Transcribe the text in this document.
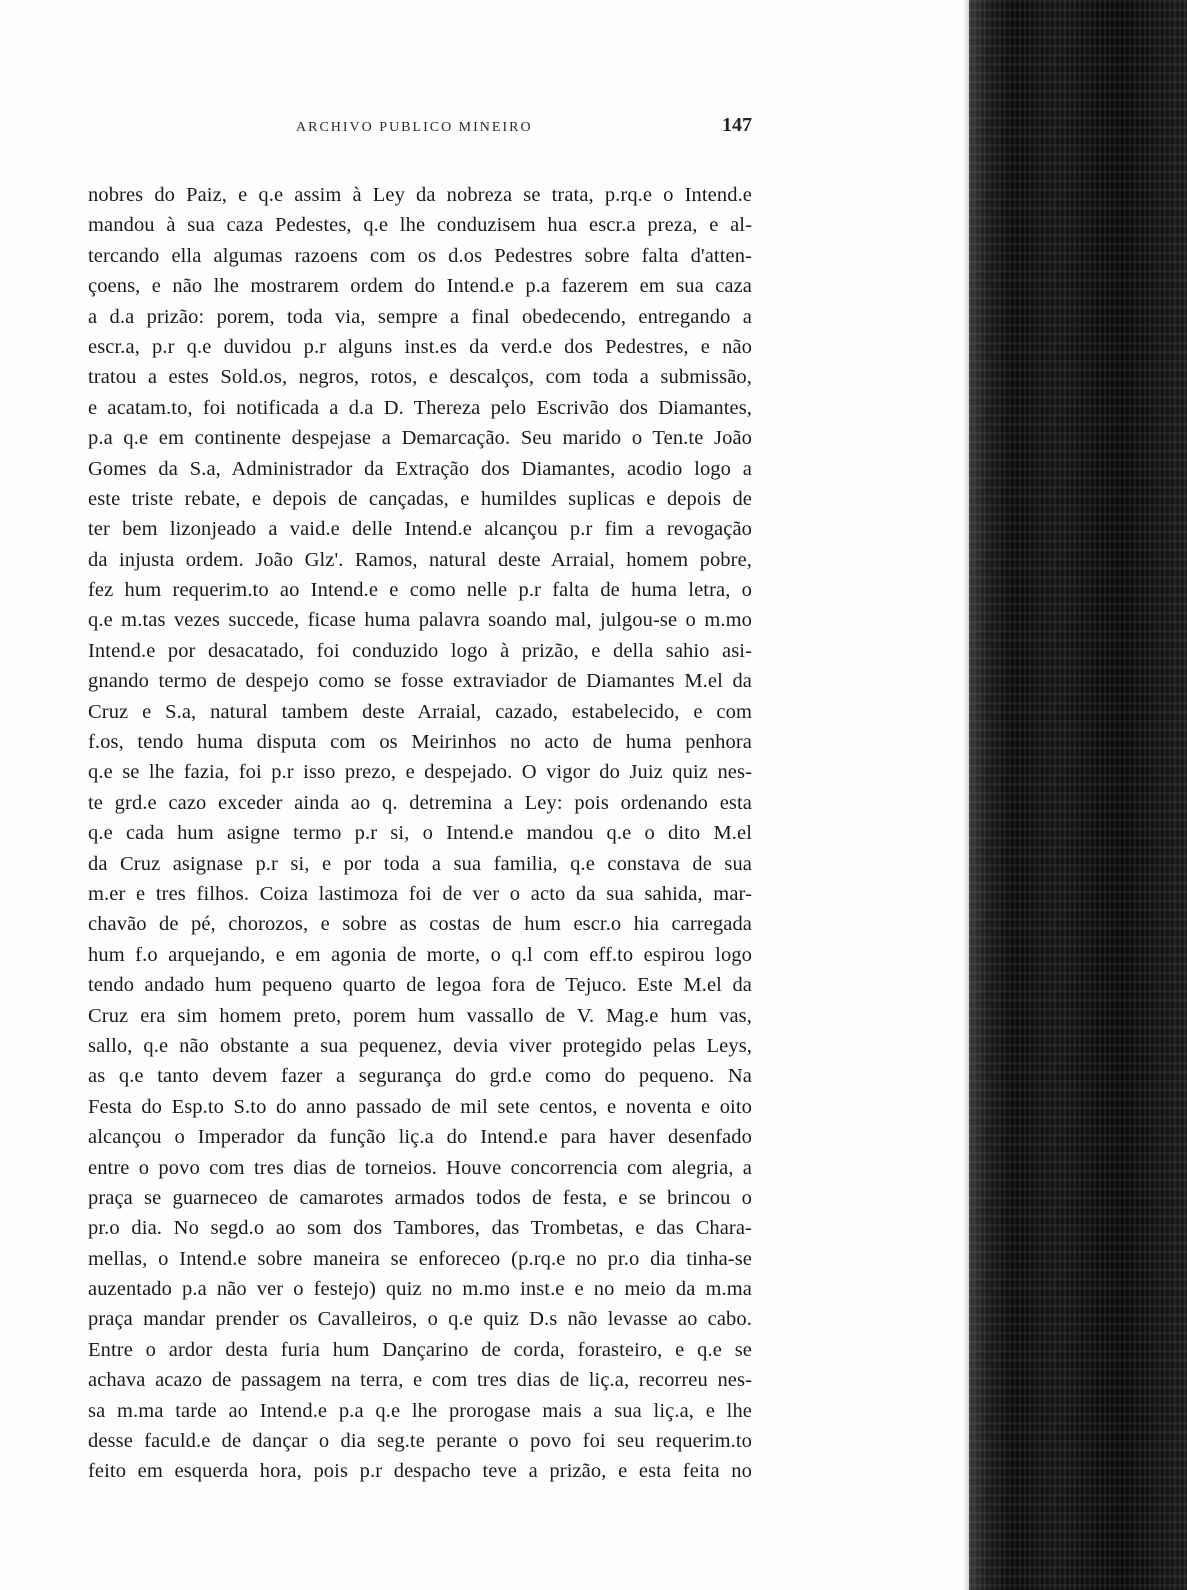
ARCHIVO PUBLICO MINEIRO	147
nobres do Paiz, e q.e assim à Ley da nobreza se trata, p.rq.e o Intend.e
mandou à sua caza Pedestes, q.e lhe conduzisem hua escr.a preza, e al-
tercando ella algumas razoens com os d.os Pedestres sobre falta d'atten-
çoens, e não lhe mostrarem ordem do Intend.e p.a fazerem em sua caza
a d.a prizão: porem, toda via, sempre a final obedecendo, entregando a
escr.a, p.r q.e duvidou p.r alguns inst.es da verd.e dos Pedestres, e não
tratou a estes Sold.os, negros, rotos, e descalços, com toda a submissão,
e acatam.to, foi notificada a d.a D. Thereza pelo Escrivão dos Diamantes,
p.a q.e em continente despejase a Demarcação. Seu marido o Ten.te João
Gomes da S.a, Administrador da Extração dos Diamantes, acodio logo a
este triste rebate, e depois de cançadas, e humildes suplicas e depois de
ter bem lizonjeado a vaid.e delle Intend.e alcançou p.r fim a revogação
da injusta ordem. João Glz'. Ramos, natural deste Arraial, homem pobre,
fez hum requerim.to ao Intend.e e como nelle p.r falta de huma letra, o
q.e m.tas vezes succede, ficase huma palavra soando mal, julgou-se o m.mo
Intend.e por desacatado, foi conduzido logo à prizão, e della sahio asi-
gnando termo de despejo como se fosse extraviador de Diamantes M.el da
Cruz e S.a, natural tambem deste Arraial, cazado, estabelecido, e com
f.os, tendo huma disputa com os Meirinhos no acto de huma penhora
q.e se lhe fazia, foi p.r isso prezo, e despejado. O vigor do Juiz quiz nes-
te grd.e cazo exceder ainda ao q. detremina a Ley: pois ordenando esta
q.e cada hum asigne termo p.r si, o Intend.e mandou q.e o dito M.el
da Cruz asignase p.r si, e por toda a sua familia, q.e constava de sua
m.er e tres filhos. Coiza lastimoza foi de ver o acto da sua sahida, mar-
chavão de pé, chorozos, e sobre as costas de hum escr.o hia carregada
hum f.o arquejando, e em agonia de morte, o q.l com eff.to espirou logo
tendo andado hum pequeno quarto de legoa fora de Tejuco. Este M.el da
Cruz era sim homem preto, porem hum vassallo de V. Mag.e hum vas,
sallo, q.e não obstante a sua pequenez, devia viver protegido pelas Leys,
as q.e tanto devem fazer a segurança do grd.e como do pequeno. Na
Festa do Esp.to S.to do anno passado de mil sete centos, e noventa e oito
alcançou o Imperador da função liç.a do Intend.e para haver desenfado
entre o povo com tres dias de torneios. Houve concorrencia com alegria, a
praça se guarneceo de camarotes armados todos de festa, e se brincou o
pr.o dia. No segd.o ao som dos Tambores, das Trombetas, e das Chara-
mellas, o Intend.e sobre maneira se enforeceo (p.rq.e no pr.o dia tinha-se
auzentado p.a não ver o festejo) quiz no m.mo inst.e e no meio da m.ma
praça mandar prender os Cavalleiros, o q.e quiz D.s não levasse ao cabo.
Entre o ardor desta furia hum Dançarino de corda, forasteiro, e q.e se
achava acazo de passagem na terra, e com tres dias de liç.a, recorreu nes-
sa m.ma tarde ao Intend.e p.a q.e lhe prorogase mais a sua liç.a, e lhe
desse faculd.e de dançar o dia seg.te perante o povo foi seu requerim.to
feito em esquerda hora, pois p.r despacho teve a prizão, e esta feita no
